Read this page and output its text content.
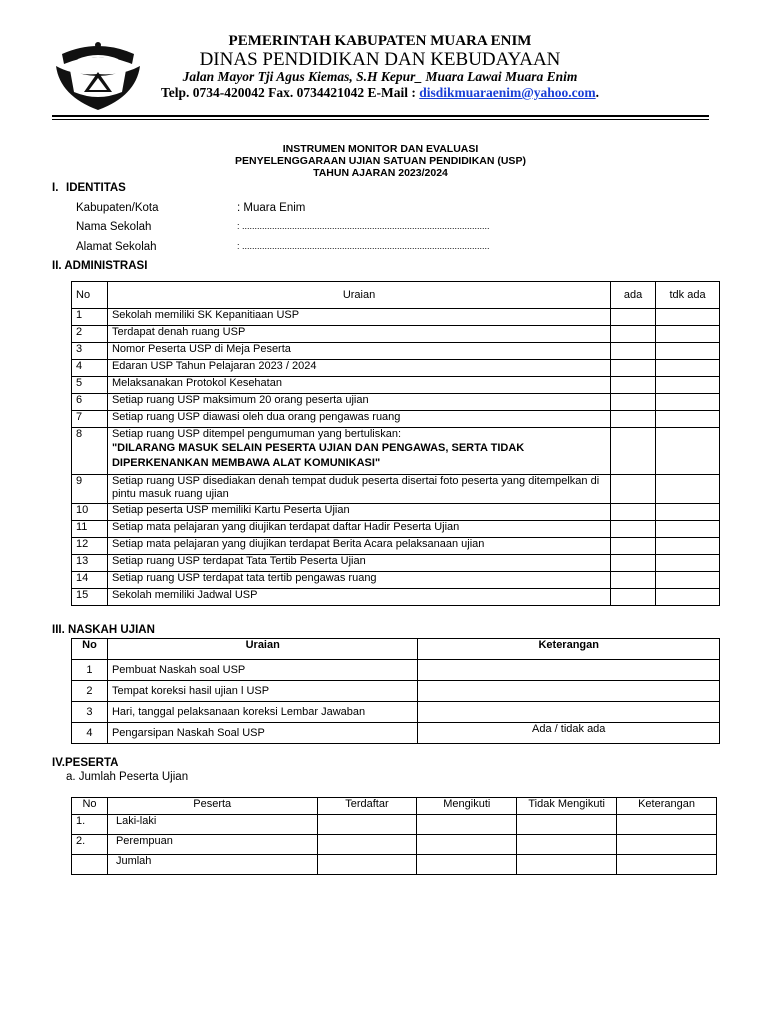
PEMERINTAH KABUPATEN MUARA ENIM
DINAS PENDIDIKAN DAN KEBUDAYAAN
Jalan Mayor Tji Agus Kiemas, S.H Kepur_ Muara Lawai Muara Enim
Telp. 0734-420042 Fax. 0734421042 E-Mail : disdikmuaraenim@yahoo.com.
INSTRUMEN MONITOR DAN EVALUASI
PENYELENGGARAAN UJIAN SATUAN PENDIDIKAN (USP)
TAHUN AJARAN 2023/2024
I. IDENTITAS
Kabupaten/Kota	: Muara Enim
Nama Sekolah	: ...................................................................................................
Alamat Sekolah	: ...................................................................................................
II. ADMINISTRASI
No	Uraian	ada	tdk ada
1	Sekolah memiliki SK Kepanitiaan USP		
2	Terdapat denah ruang USP		
3	Nomor Peserta USP di Meja Peserta		
4	Edaran USP Tahun Pelajaran 2023 / 2024		
5	Melaksanakan Protokol Kesehatan		
6	Setiap ruang USP maksimum 20 orang peserta ujian		
7	Setiap ruang USP diawasi oleh dua orang pengawas ruang		
8	Setiap ruang USP ditempel pengumuman yang bertuliskan:
"DILARANG MASUK SELAIN PESERTA UJIAN DAN PENGAWAS, SERTA TIDAK DIPERKENANKAN MEMBAWA ALAT KOMUNIKASI"		

9	Setiap ruang USP disediakan denah tempat duduk peserta disertai foto peserta yang ditempelkan di pintu masuk ruang ujian		
10	Setiap peserta USP memiliki Kartu Peserta Ujian		
11	Setiap mata pelajaran yang diujikan terdapat daftar Hadir Peserta Ujian		
12	Setiap mata pelajaran yang diujikan terdapat Berita Acara pelaksanaan ujian		
13	Setiap ruang USP terdapat Tata Tertib Peserta Ujian		
14	Setiap ruang USP terdapat tata tertib pengawas ruang		
15	Sekolah memiliki Jadwal USP		
III. NASKAH UJIAN
No	Uraian	Keterangan
1	Pembuat Naskah soal USP	
2	Tempat koreksi hasil ujian l USP	
3	Hari, tanggal pelaksanaan koreksi Lembar Jawaban	
4	Pengarsipan Naskah Soal USP	Ada / tidak ada
IV.PESERTA
a. Jumlah Peserta Ujian
No	Peserta	Terdaftar	Mengikuti	Tidak Mengikuti	Keterangan
1.	Laki-laki				
2.	Perempuan				
	Jumlah				
